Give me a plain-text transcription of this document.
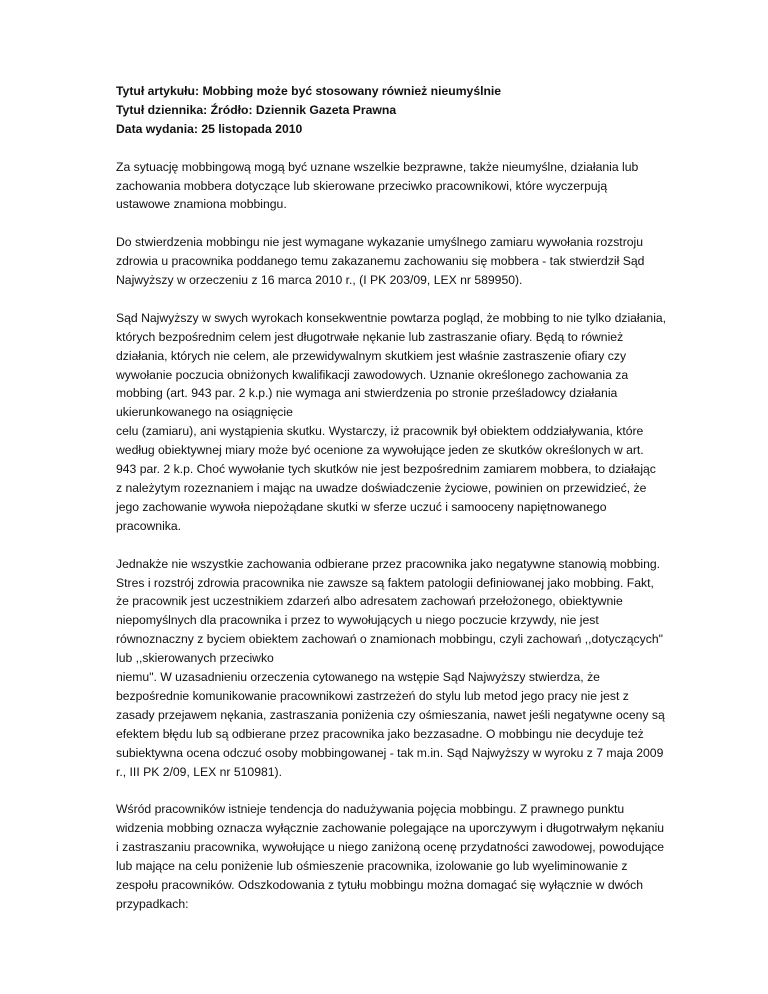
Tytuł artykułu: Mobbing może być stosowany również nieumyślnie

Tytuł dziennika: Źródło: Dziennik Gazeta Prawna

Data wydania: 25 listopada 2010

Za sytuację mobbingową mogą być uznane wszelkie bezprawne, także nieumyślne, działania lub
zachowania mobbera dotyczące lub skierowane przeciwko pracownikowi, które wyczerpują
ustawowe znamiona mobbingu.

Do stwierdzenia mobbingu nie jest wymagane wykazanie umyślnego zamiaru wywołania rozstroju
zdrowia u pracownika poddanego temu zakazanemu zachowaniu się mobbera - tak stwierdził Sąd
Najwyższy w orzeczeniu z 16 marca 2010 r., (I PK 203/09, LEX nr 589950).

Sąd Najwyższy w swych wyrokach konsekwentnie powtarza pogląd, że mobbing to nie tylko działania,
których bezpośrednim celem jest długotrwałe nękanie lub zastraszanie ofiary. Będą to również
działania, których nie celem, ale przewidywalnym skutkiem jest właśnie zastraszenie ofiary czy
wywołanie poczucia obniżonych kwalifikacji zawodowych. Uznanie określonego zachowania za
mobbing (art. 943 par. 2 k.p.) nie wymaga ani stwierdzenia po stronie prześladowcy działania
ukierunkowanego na osiągnięcie
celu (zamiaru), ani wystąpienia skutku. Wystarczy, iż pracownik był obiektem oddziaływania, które
według obiektywnej miary może być ocenione za wywołujące jeden ze skutków określonych w art.
943 par. 2 k.p. Choć wywołanie tych skutków nie jest bezpośrednim zamiarem mobbera, to działając
z należytym rozeznaniem i mając na uwadze doświadczenie życiowe, powinien on przewidzieć, że
jego zachowanie wywoła niepożądane skutki w sferze uczuć i samooceny napiętnowanego
pracownika.

Jednakże nie wszystkie zachowania odbierane przez pracownika jako negatywne stanowią mobbing.
Stres i rozstrój zdrowia pracownika nie zawsze są faktem patologii definiowanej jako mobbing. Fakt,
że pracownik jest uczestnikiem zdarzeń albo adresatem zachowań przełożonego, obiektywnie
niepomyślnych dla pracownika i przez to wywołujących u niego poczucie krzywdy, nie jest
równoznaczny z byciem obiektem zachowań o znamionach mobbingu, czyli zachowań ,,dotyczących"
lub ,,skierowanych przeciwko
niemu". W uzasadnieniu orzeczenia cytowanego na wstępie Sąd Najwyższy stwierdza, że
bezpośrednie komunikowanie pracownikowi zastrzeżeń do stylu lub metod jego pracy nie jest z
zasady przejawem nękania, zastraszania poniżenia czy ośmieszania, nawet jeśli negatywne oceny są
efektem błędu lub są odbierane przez pracownika jako bezzasadne. O mobbingu nie decyduje też
subiektywna ocena odczuć osoby mobbingowanej - tak m.in. Sąd Najwyższy w wyroku z 7 maja 2009
r., III PK 2/09, LEX nr 510981).

Wśród pracowników istnieje tendencja do nadużywania pojęcia mobbingu. Z prawnego punktu
widzenia mobbing oznacza wyłącznie zachowanie polegające na uporczywym i długotrwałym nękaniu
i zastraszaniu pracownika, wywołujące u niego zaniżoną ocenę przydatności zawodowej, powodujące
lub mające na celu poniżenie lub ośmieszenie pracownika, izolowanie go lub wyeliminowanie z
zespołu pracowników. Odszkodowania z tytułu mobbingu można domagać się wyłącznie w dwóch
przypadkach:
